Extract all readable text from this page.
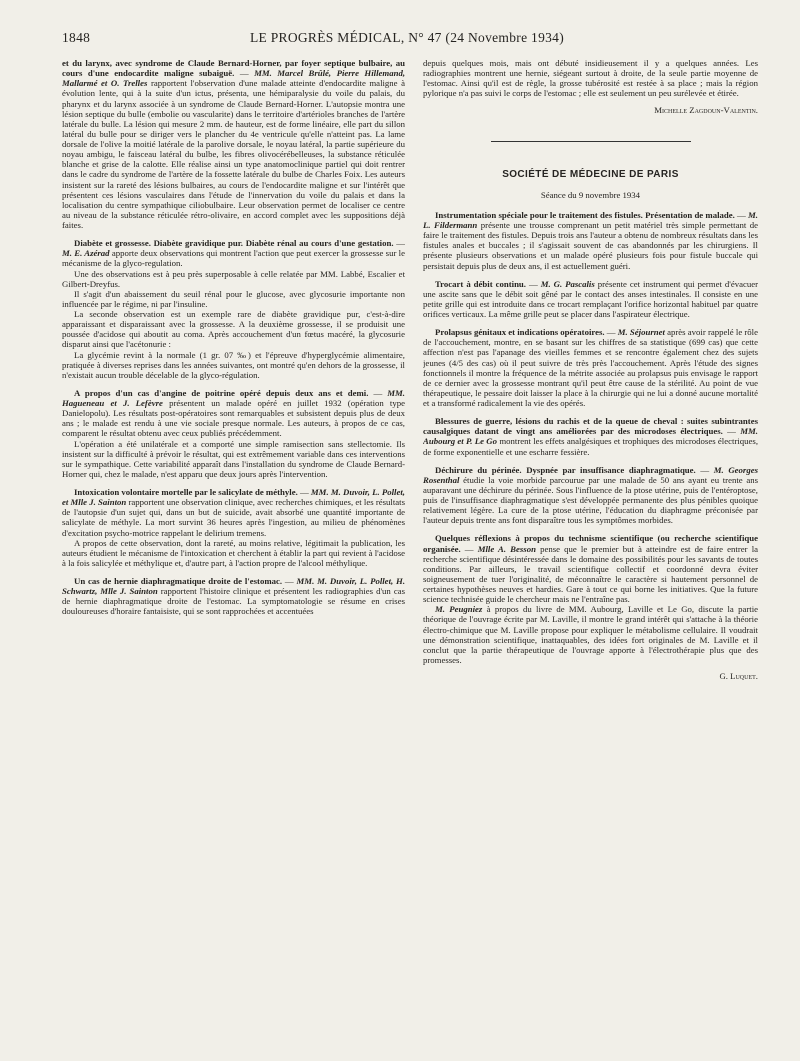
1848	LE PROGRÈS MÉDICAL, N° 47 (24 Novembre 1934)

et du larynx, avec syndrome de Claude Bernard-Horner, par foyer septique bulbaire, au cours d'une endocardite maligne subaiguë. — MM. Marcel Brûlé, Pierre Hillemand, Mallarmé et O. Trelles rapportent l'observation d'une malade atteinte d'endocardite maligne à évolution lente, qui à la suite d'un ictus, présenta, une hémiparalysie du voile du palais, du pharynx et du larynx associée à un syndrome de Claude Bernard-Horner. L'autopsie montra une lésion septique du bulle (embolie ou vascularite) dans le territoire d'artérioles branches de l'artère latérale du bulle. La lésion qui mesure 2 mm. de hauteur, est de forme linéaire, elle part du sillon latéral du bulle pour se diriger vers le plancher du 4e ventricule qu'elle n'atteint pas. La lame dorsale de l'olive la moitié latérale de la parolive dorsale, le noyau latéral, la partie supérieure du noyau ambigu, le faisceau latéral du bulbe, les fibres olivocérébelleuses, la substance réticulée blanche et grise de la calotte. Elle réalise ainsi un type anatomoclinique partiel qui doit rentrer dans le cadre du syndrome de l'artère de la fossette latérale du bulbe de Charles Foix. Les auteurs insistent sur la rareté des lésions bulbaires, au cours de l'endocardite maligne et sur l'intérêt que présentent ces lésions vasculaires dans l'étude de l'innervation du voile du palais et dans la localisation du centre sympathique ciliobulbaire. Leur observation permet de localiser ce centre au niveau de la substance réticulée rétro-olivaire, en accord complet avec les suppositions déjà faites.

Diabète et grossesse. Diabète gravidique pur. Diabète rénal au cours d'une gestation. — M. E. Azérad apporte deux observations qui montrent l'action que peut exercer la grossesse sur le mécanisme de la glyco-regulation.

Une des observations est à peu près superposable à celle relatée par MM. Labbé, Escalier et Gilbert-Dreyfus.

Il s'agit d'un abaissement du seuil rénal pour le glucose, avec glycosurie importante non influencée par le régime, ni par l'insuline.

La seconde observation est un exemple rare de diabète gravidique pur, c'est-à-dire apparaissant et disparaissant avec la grossesse. A la deuxième grossesse, il se produisit une poussée d'acidose qui aboutit au coma. Après accouchement d'un fœtus macéré, la glycosurie disparut ainsi que l'acétonurie :

La glycémie revint à la normale (1 gr. 07 ‰) et l'épreuve d'hyperglycémie alimentaire, pratiquée à diverses reprises dans les années suivantes, ont montré qu'en dehors de la grossesse, il n'existait aucun trouble décelable de la glyco-régulation.

A propos d'un cas d'angine de poitrine opéré depuis deux ans et demi. — MM. Hagueneau et J. Lefèvre présentent un malade opéré en juillet 1932 (opération type Danielopolu). Les résultats post-opératoires sont remarquables et subsistent depuis plus de deux ans ; le malade est rendu à une vie sociale presque normale. Les auteurs, à propos de ce cas, comparent le résultat obtenu avec ceux publiés précédemment.

L'opération a été unilatérale et a comporté une simple ramisection sans stellectomie. Ils insistent sur la difficulté à prévoir le résultat, qui est extrêmement variable dans ces interventions sur le sympathique. Cette variabilité apparaît dans l'installation du syndrome de Claude Bernard-Horner qui, chez le malade, n'est apparu que deux jours après l'intervention.

Intoxication volontaire mortelle par le salicylate de méthyle. — MM. M. Duvoir, L. Pollet, et Mlle J. Sainton rapportent une observation clinique, avec recherches chimiques, et les résultats de l'autopsie d'un sujet qui, dans un but de suicide, avait absorbé une quantité importante de salicylate de méthyle. La mort survint 36 heures après l'ingestion, au milieu de phénomènes d'excitation psycho-motrice rappelant le delirium tremens.

A propos de cette observation, dont la rareté, au moins relative, légitimait la publication, les auteurs étudient le mécanisme de l'intoxication et cherchent à établir la part qui revient à l'acidose à la fois salicylée et méthylique et, d'autre part, à l'action propre de l'alcool méthylique.

Un cas de hernie diaphragmatique droite de l'estomac. — MM. M. Duvoir, L. Pollet, H. Schwartz, Mlle J. Sainton rapportent l'histoire clinique et présentent les radiographies d'un cas de hernie diaphragmatique droite de l'estomac. La symptomatologie se résume en crises douloureuses d'horaire fantaisiste, qui se sont rapprochées et accentuées

depuis quelques mois, mais ont débuté insidieusement il y a quelques années. Les radiographies montrent une hernie, siégeant surtout à droite, de la seule partie moyenne de l'estomac. Ainsi qu'il est de règle, la grosse tubérosité est restée à sa place ; mais la région pylorique n'a pas suivi le corps de l'estomac ; elle est seulement un peu surélevée et étirée.

Michelle Zagdoun-Valentin.
SOCIÉTÉ DE MÉDECINE DE PARIS
Séance du 9 novembre 1934

Instrumentation spéciale pour le traitement des fistules. Présentation de malade. — M. L. Fildermann présente une trousse comprenant un petit matériel très simple permettant de faire le traitement des fistules. Depuis trois ans l'auteur a obtenu de nombreux résultats dans les fistules anales et buccales ; il s'agissait souvent de cas abandonnés par les chirurgiens. Il présente plusieurs observations et un malade opéré plusieurs fois pour fistule buccale qui persistait depuis plus de deux ans, il est actuellement guéri.

Trocart à débit continu. — M. G. Pascalis présente cet instrument qui permet d'évacuer une ascite sans que le débit soit gêné par le contact des anses intestinales. Il consiste en une petite grille qui est introduite dans ce trocart remplaçant l'orifice horizontal habituel par quatre orifices verticaux. La même grille peut se placer dans l'aspirateur électrique.

Prolapsus génitaux et indications opératoires. — M. Séjournet après avoir rappelé le rôle de l'accouchement, montre, en se basant sur les chiffres de sa statistique (699 cas) que cette affection n'est pas l'apanage des vieilles femmes et se rencontre également chez des sujets jeunes (4/5 des cas) où il peut suivre de très près l'accouchement. Après l'étude des signes fonctionnels il montre la fréquence de la métrite associée au prolapsus puis envisage le rapport de ce dernier avec la grossesse montrant qu'il peut être cause de la stérilité. Au point de vue thérapeutique, le pessaire doit laisser la place à la chirurgie qui ne lui a donné aucune mortalité et a transformé radicalement la vie des opérés.

Blessures de guerre, lésions du rachis et de la queue de cheval : suites subintrantes causalgiques datant de vingt ans améliorées par des microdoses électriques. — MM. Aubourg et P. Le Go montrent les effets analgésiques et trophiques des microdoses électriques, de forme exponentielle et une escharre fessière.

Déchirure du périnée. Dyspnée par insuffisance diaphragmatique. — M. Georges Rosenthal étudie la voie morbide parcourue par une malade de 50 ans ayant eu trente ans auparavant une déchirure du périnée. Sous l'influence de la ptose utérine, puis de l'entéroptose, puis de l'insuffisance diaphragmatique s'est développée permanente des plus pénibles quoique relativement légère. La cure de la ptose utérine, l'éducation du diaphragme préconisée par l'auteur depuis trente ans font disparaître tous les symptômes morbides.

Quelques réflexions à propos du technisme scientifique (ou recherche scientifique organisée. — Mlle A. Besson pense que le premier but à atteindre est de faire entrer la recherche scientifique désintéressée dans le domaine des possibilités pour les savants de toutes conditions. Par ailleurs, le travail scientifique collectif et coordonné devra éviter soigneusement de tuer l'originalité, de méconnaître le caractère si hautement personnel de certaines hypothèses neuves et hardies. Gare à tout ce qui borne les initiatives. Que la future science technisée guide le chercheur mais ne l'entraîne pas.

M. Peugniez à propos du livre de MM. Aubourg, Laville et Le Go, discute la partie théorique de l'ouvrage écrite par M. Laville, il montre le grand intérêt qui s'attache à la théorie électro-chimique que M. Laville propose pour expliquer le métabolisme cellulaire. Il voudrait une démonstration scientifique, inattaquables, des idées fort originales de M. Laville et il conclut que la partie thérapeutique de l'ouvrage apporte à l'électrothérapie plus que des promesses.

G. Luquet.
